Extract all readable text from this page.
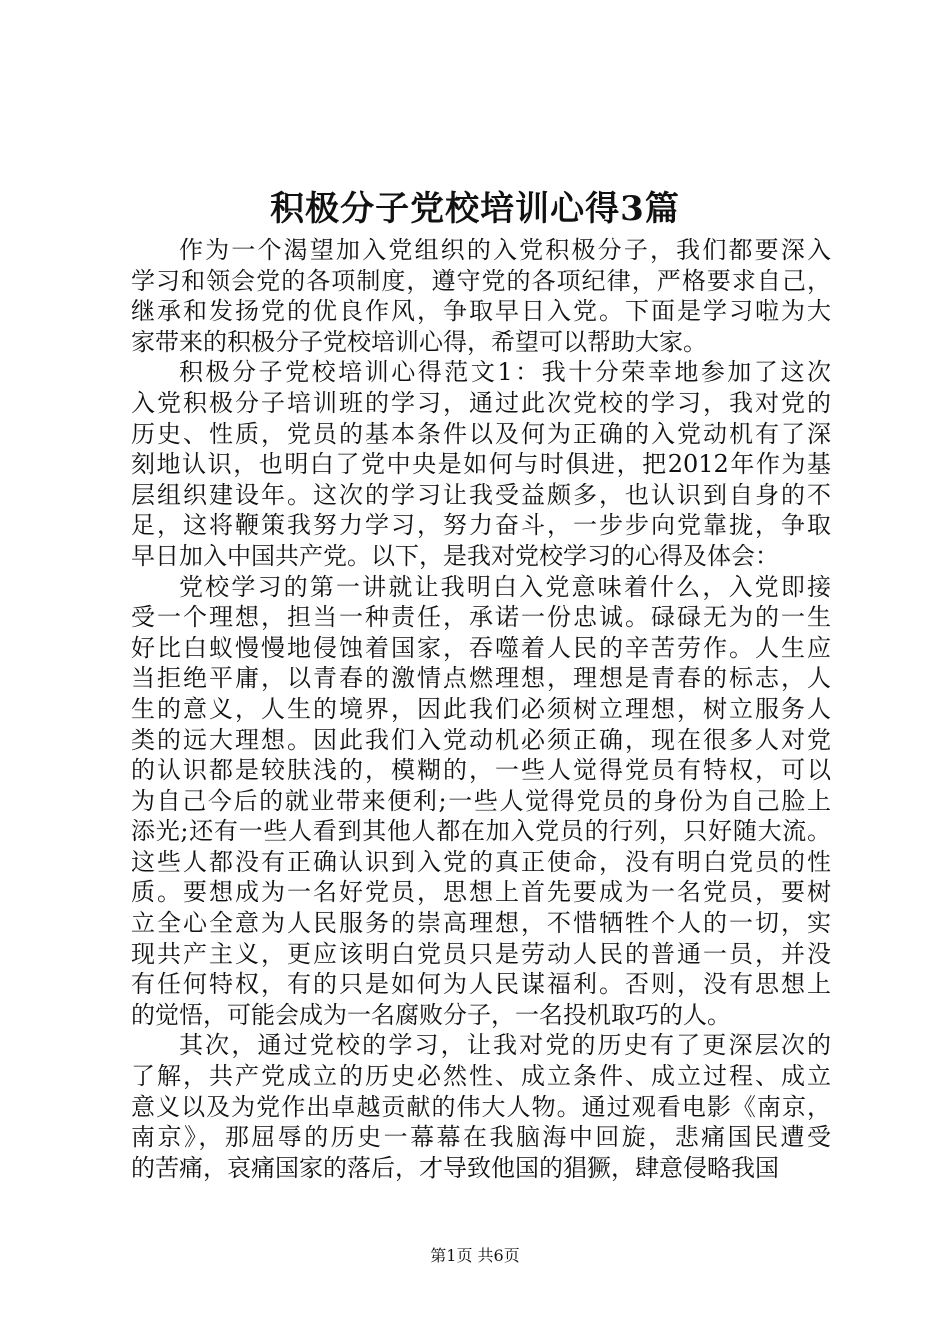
积极分子党校培训心得3篇
作为一个渴望加入党组织的入党积极分子，我们都要深入
学习和领会党的各项制度，遵守党的各项纪律，严格要求自己，
继承和发扬党的优良作风，争取早日入党。下面是学习啦为大
家带来的积极分子党校培训心得，希望可以帮助大家。
积极分子党校培训心得范文1：我十分荣幸地参加了这次
入党积极分子培训班的学习，通过此次党校的学习，我对党的
历史、性质，党员的基本条件以及何为正确的入党动机有了深
刻地认识，也明白了党中央是如何与时俱进，把2012年作为基
层组织建设年。这次的学习让我受益颇多，也认识到自身的不
足，这将鞭策我努力学习，努力奋斗，一步步向党靠拢，争取
早日加入中国共产党。以下，是我对党校学习的心得及体会：
党校学习的第一讲就让我明白入党意味着什么，入党即接
受一个理想，担当一种责任，承诺一份忠诚。碌碌无为的一生
好比白蚁慢慢地侵蚀着国家，吞噬着人民的辛苦劳作。人生应
当拒绝平庸，以青春的激情点燃理想，理想是青春的标志，人
生的意义，人生的境界，因此我们必须树立理想，树立服务人
类的远大理想。因此我们入党动机必须正确，现在很多人对党
的认识都是较肤浅的，模糊的，一些人觉得党员有特权，可以
为自己今后的就业带来便利;一些人觉得党员的身份为自己脸上
添光;还有一些人看到其他人都在加入党员的行列，只好随大流。
这些人都没有正确认识到入党的真正使命，没有明白党员的性
质。要想成为一名好党员，思想上首先要成为一名党员，要树
立全心全意为人民服务的崇高理想，不惜牺牲个人的一切，实
现共产主义，更应该明白党员只是劳动人民的普通一员，并没
有任何特权，有的只是如何为人民谋福利。否则，没有思想上
的觉悟，可能会成为一名腐败分子，一名投机取巧的人。
其次，通过党校的学习，让我对党的历史有了更深层次的
了解，共产党成立的历史必然性、成立条件、成立过程、成立
意义以及为党作出卓越贡献的伟大人物。通过观看电影《南京，
南京》，那屈辱的历史一幕幕在我脑海中回旋，悲痛国民遭受
的苦痛，哀痛国家的落后，才导致他国的猖獗，肆意侵略我国
第1页 共6页
